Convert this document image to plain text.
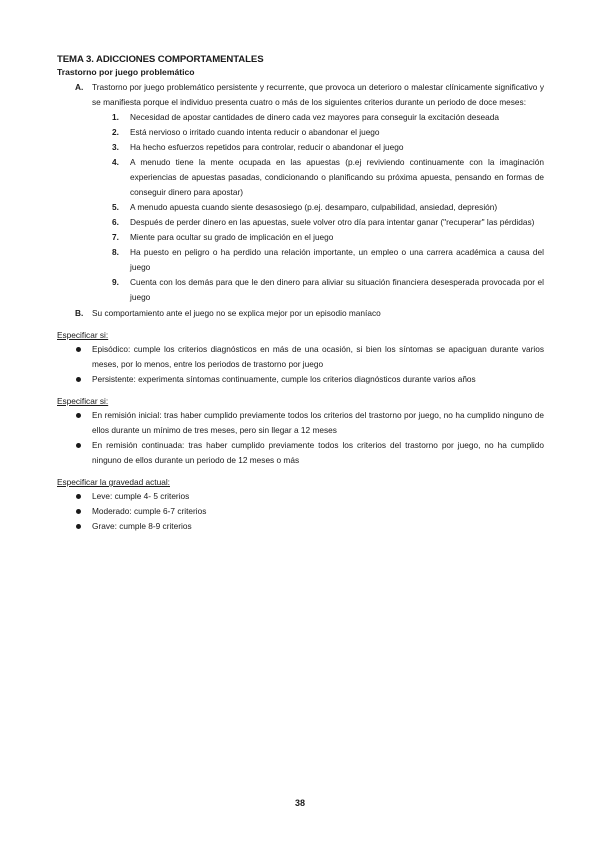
TEMA 3. ADICCIONES COMPORTAMENTALES
Trastorno por juego problemático
A. Trastorno por juego problemático persistente y recurrente, que provoca un deterioro o malestar clínicamente significativo y se manifiesta porque el individuo presenta cuatro o más de los siguientes criterios durante un periodo de doce meses:
1. Necesidad de apostar cantidades de dinero cada vez mayores para conseguir la excitación deseada
2. Está nervioso o irritado cuando intenta reducir o abandonar el juego
3. Ha hecho esfuerzos repetidos para controlar, reducir o abandonar el juego
4. A menudo tiene la mente ocupada en las apuestas (p.ej reviviendo continuamente con la imaginación experiencias de apuestas pasadas, condicionando o planificando su próxima apuesta, pensando en formas de conseguir dinero para apostar)
5. A menudo apuesta cuando siente desasosiego (p.ej. desamparo, culpabilidad, ansiedad, depresión)
6. Después de perder dinero en las apuestas, suele volver otro día para intentar ganar ("recuperar" las pérdidas)
7. Miente para ocultar su grado de implicación en el juego
8. Ha puesto en peligro o ha perdido una relación importante, un empleo o una carrera académica a causa del juego
9. Cuenta con los demás para que le den dinero para aliviar su situación financiera desesperada provocada por el juego
B. Su comportamiento ante el juego no se explica mejor por un episodio maníaco
Especificar si:
Episódico: cumple los criterios diagnósticos en más de una ocasión, si bien los síntomas se apaciguan durante varios meses, por lo menos, entre los periodos de trastorno por juego
Persistente: experimenta síntomas continuamente, cumple los criterios diagnósticos durante varios años
Especificar si:
En remisión inicial: tras haber cumplido previamente todos los criterios del trastorno por juego, no ha cumplido ninguno de ellos durante un mínimo de tres meses, pero sin llegar a 12 meses
En remisión continuada: tras haber cumplido previamente todos los criterios del trastorno por juego, no ha cumplido ninguno de ellos durante un periodo de 12 meses o más
Especificar la gravedad actual:
Leve: cumple 4- 5 criterios
Moderado: cumple 6-7 criterios
Grave: cumple 8-9 criterios
38
